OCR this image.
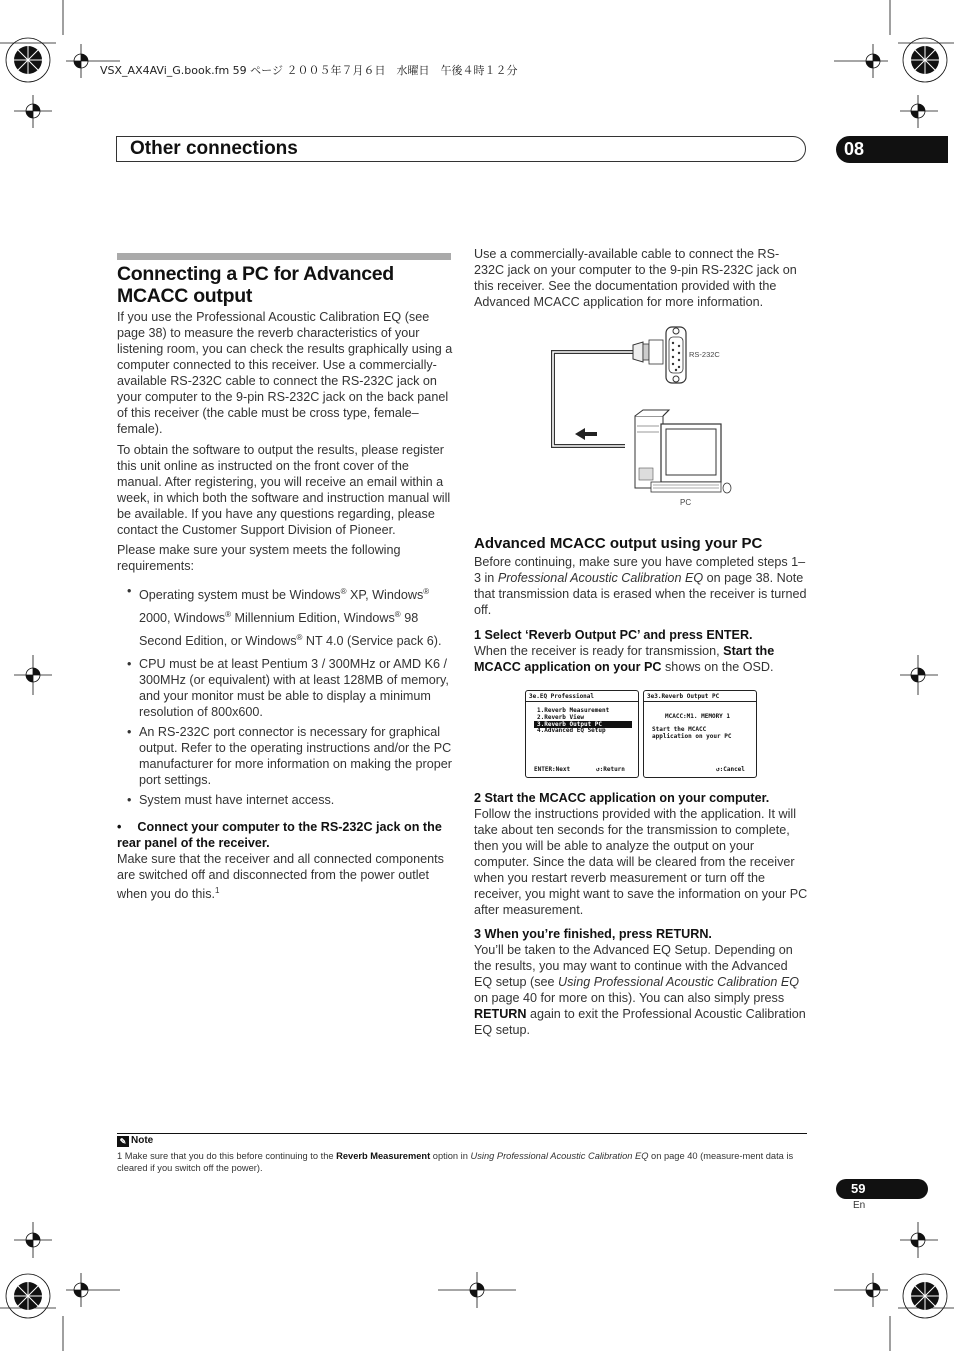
VSX_AX4AVi_G.book.fm 59 ページ ２００５年７月６日　水曜日　午後４時１２分
Other connections	08
Connecting a PC for Advanced MCACC output

If you use the Professional Acoustic Calibration EQ (see page 38) to measure the reverb characteristics of your listening room, you can check the results graphically using a computer connected to this receiver. Use a commercially-available RS-232C cable to connect the RS-232C jack on your computer to the 9-pin RS-232C jack on the back panel of this receiver (the cable must be cross type, female–female).

To obtain the software to output the results, please register this unit online as instructed on the front cover of the manual. After registering, you will receive an email within a week, in which both the software and instruction manual will be available. If you have any questions regarding, please contact the Customer Support Division of Pioneer.

Please make sure your system meets the following requirements:

• Operating system must be Windows® XP, Windows® 2000, Windows® Millennium Edition, Windows® 98 Second Edition, or Windows® NT 4.0 (Service pack 6).
• CPU must be at least Pentium 3 / 300MHz or AMD K6 / 300MHz (or equivalent) with at least 128MB of memory, and your monitor must be able to display a minimum resolution of 800x600.
• An RS-232C port connector is necessary for graphical output. Refer to the operating instructions and/or the PC manufacturer for more information on making the proper port settings.
• System must have internet access.

• Connect your computer to the RS-232C jack on the rear panel of the receiver.

Make sure that the receiver and all connected components are switched off and disconnected from the power outlet when you do this.$^1$

Use a commercially-available cable to connect the RS-232C jack on your computer to the 9-pin RS-232C jack on this receiver. See the documentation provided with the Advanced MCACC application for more information.
RS-232C
PC
Advanced MCACC output using your PC

Before continuing, make sure you have completed steps 1–3 in Professional Acoustic Calibration EQ on page 38. Note that transmission data is erased when the receiver is turned off.

1 Select ‘Reverb Output PC’ and press ENTER.

When the receiver is ready for transmission, Start the MCACC application on your PC shows on the OSD.

3e.EQ Professional
1.Reverb Measurement
2.Reverb View
3.Reverb Output PC
4.Advanced EQ Setup
ENTER:Next	↺:Return
3e3.Reverb Output PC
MCACC:M1. MEMORY 1
Start the MCACC
application on your PC
↺:Cancel

2 Start the MCACC application on your computer.

Follow the instructions provided with the application. It will take about ten seconds for the transmission to complete, then you will be able to analyze the output on your computer. Since the data will be cleared from the receiver when you restart reverb measurement or turn off the receiver, you might want to save the information on your PC after measurement.

3 When you’re finished, press RETURN.

You’ll be taken to the Advanced EQ Setup. Depending on the results, you may want to continue with the Advanced EQ setup (see Using Professional Acoustic Calibration EQ on page 40 for more on this). You can also simply press RETURN again to exit the Professional Acoustic Calibration EQ setup.

✎ Note
1 Make sure that you do this before continuing to the Reverb Measurement option in Using Professional Acoustic Calibration EQ on page 40 (measure-ment data is cleared if you switch off the power).
59
En
